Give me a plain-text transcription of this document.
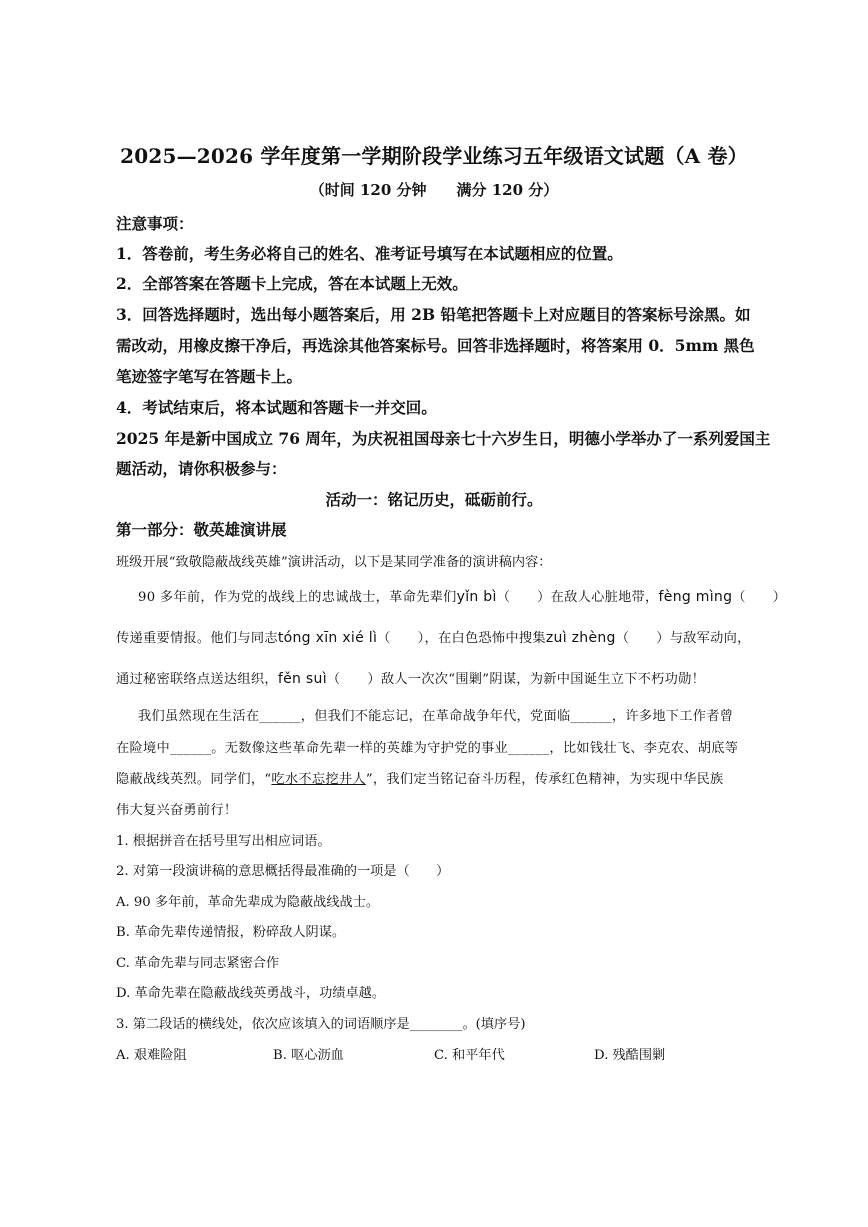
2025—2026 学年度第一学期阶段学业练习五年级语文试题（A 卷）
（时间 120 分钟　　满分 120 分）
注意事项：
1．答卷前，考生务必将自己的姓名、准考证号填写在本试题相应的位置。
2．全部答案在答题卡上完成，答在本试题上无效。
3．回答选择题时，选出每小题答案后，用 2B 铅笔把答题卡上对应题目的答案标号涂黑。如
需改动，用橡皮擦干净后，再选涂其他答案标号。回答非选择题时，将答案用 0．5mm 黑色
笔迹签字笔写在答题卡上。
4．考试结束后，将本试题和答题卡一并交回。
2025 年是新中国成立 76 周年，为庆祝祖国母亲七十六岁生日，明德小学举办了一系列爱国主
题活动，请你积极参与：
活动一：铭记历史，砥砺前行。
第一部分：敬英雄演讲展
班级开展“致敬隐蔽战线英雄”演讲活动，以下是某同学准备的演讲稿内容：
90 多年前，作为党的战线上的忠诚战士，革命先辈们yǐn bì（　　）在敌人心脏地带，fèng mìng（　　）
传递重要情报。他们与同志tóng xīn xié lì（　　），在白色恐怖中搜集zuì zhèng（　　）与敌军动向，
通过秘密联络点送达组织，fěn suì（　　）敌人一次次“围剿”阴谋，为新中国诞生立下不朽功勋！
我们虽然现在生活在______，但我们不能忘记，在革命战争年代，党面临______，许多地下工作者曾
在险境中______。无数像这些革命先辈一样的英雄为守护党的事业______，比如钱壮飞、李克农、胡底等
隐蔽战线英烈。同学们，“吃水不忘挖井人”，我们定当铭记奋斗历程，传承红色精神，为实现中华民族
伟大复兴奋勇前行！
1. 根据拼音在括号里写出相应词语。
2. 对第一段演讲稿的意思概括得最准确的一项是（　　）
A. 90 多年前，革命先辈成为隐蔽战线战士。
B. 革命先辈传递情报，粉碎敌人阴谋。
C. 革命先辈与同志紧密合作
D. 革命先辈在隐蔽战线英勇战斗，功绩卓越。
3. 第二段话的横线处，依次应该填入的词语顺序是________。(填序号)
A. 艰难险阻	B. 呕心沥血	C. 和平年代	D. 残酷围剿
